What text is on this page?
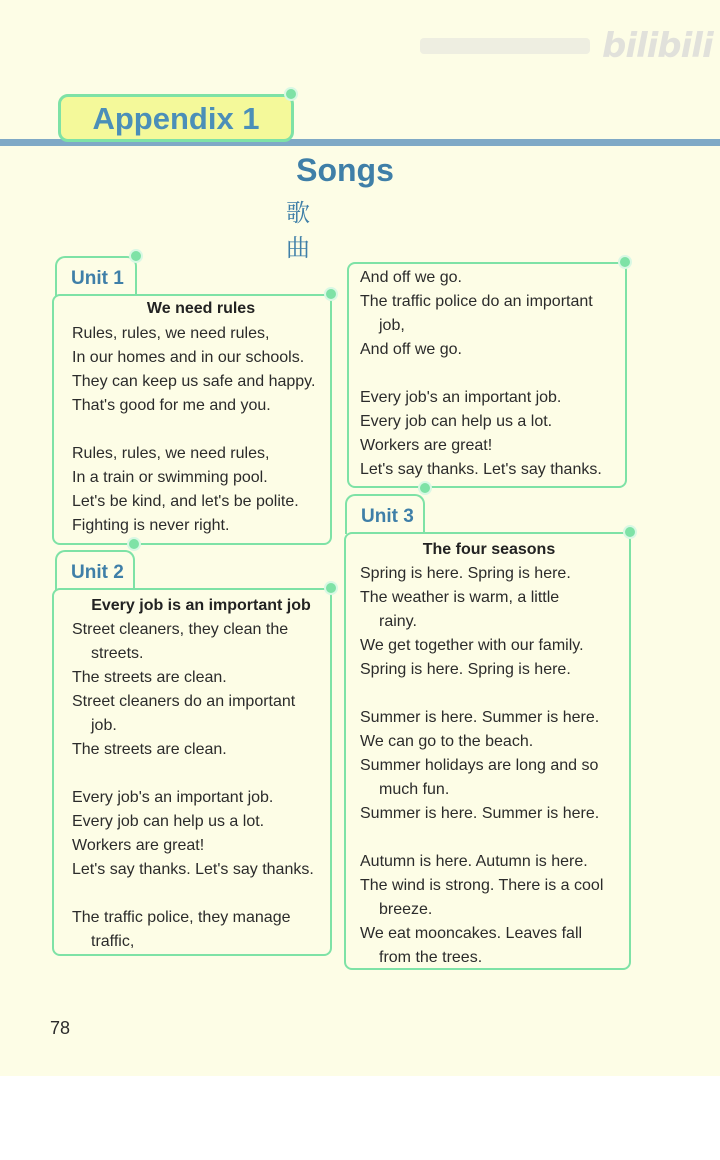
bilibili
Appendix 1
Songs
歌曲
Unit 1
We need rules
Rules, rules, we need rules,
In our homes and in our schools.
They can keep us safe and happy.
That's good for me and you.
Rules, rules, we need rules,
In a train or swimming pool.
Let's be kind, and let's be polite.
Fighting is never right.
Unit 2
Every job is an important job
Street cleaners, they clean the
streets.
The streets are clean.
Street cleaners do an important
job.
The streets are clean.
Every job's an important job.
Every job can help us a lot.
Workers are great!
Let's say thanks. Let's say thanks.
The traffic police, they manage
traffic,
And off we go.
The traffic police do an important
job,
And off we go.
Every job's an important job.
Every job can help us a lot.
Workers are great!
Let's say thanks. Let's say thanks.
Unit 3
The four seasons
Spring is here. Spring is here.
The weather is warm, a little
rainy.
We get together with our family.
Spring is here. Spring is here.
Summer is here. Summer is here.
We can go to the beach.
Summer holidays are long and so
much fun.
Summer is here. Summer is here.
Autumn is here. Autumn is here.
The wind is strong. There is a cool
breeze.
We eat mooncakes. Leaves fall
from the trees.
78
